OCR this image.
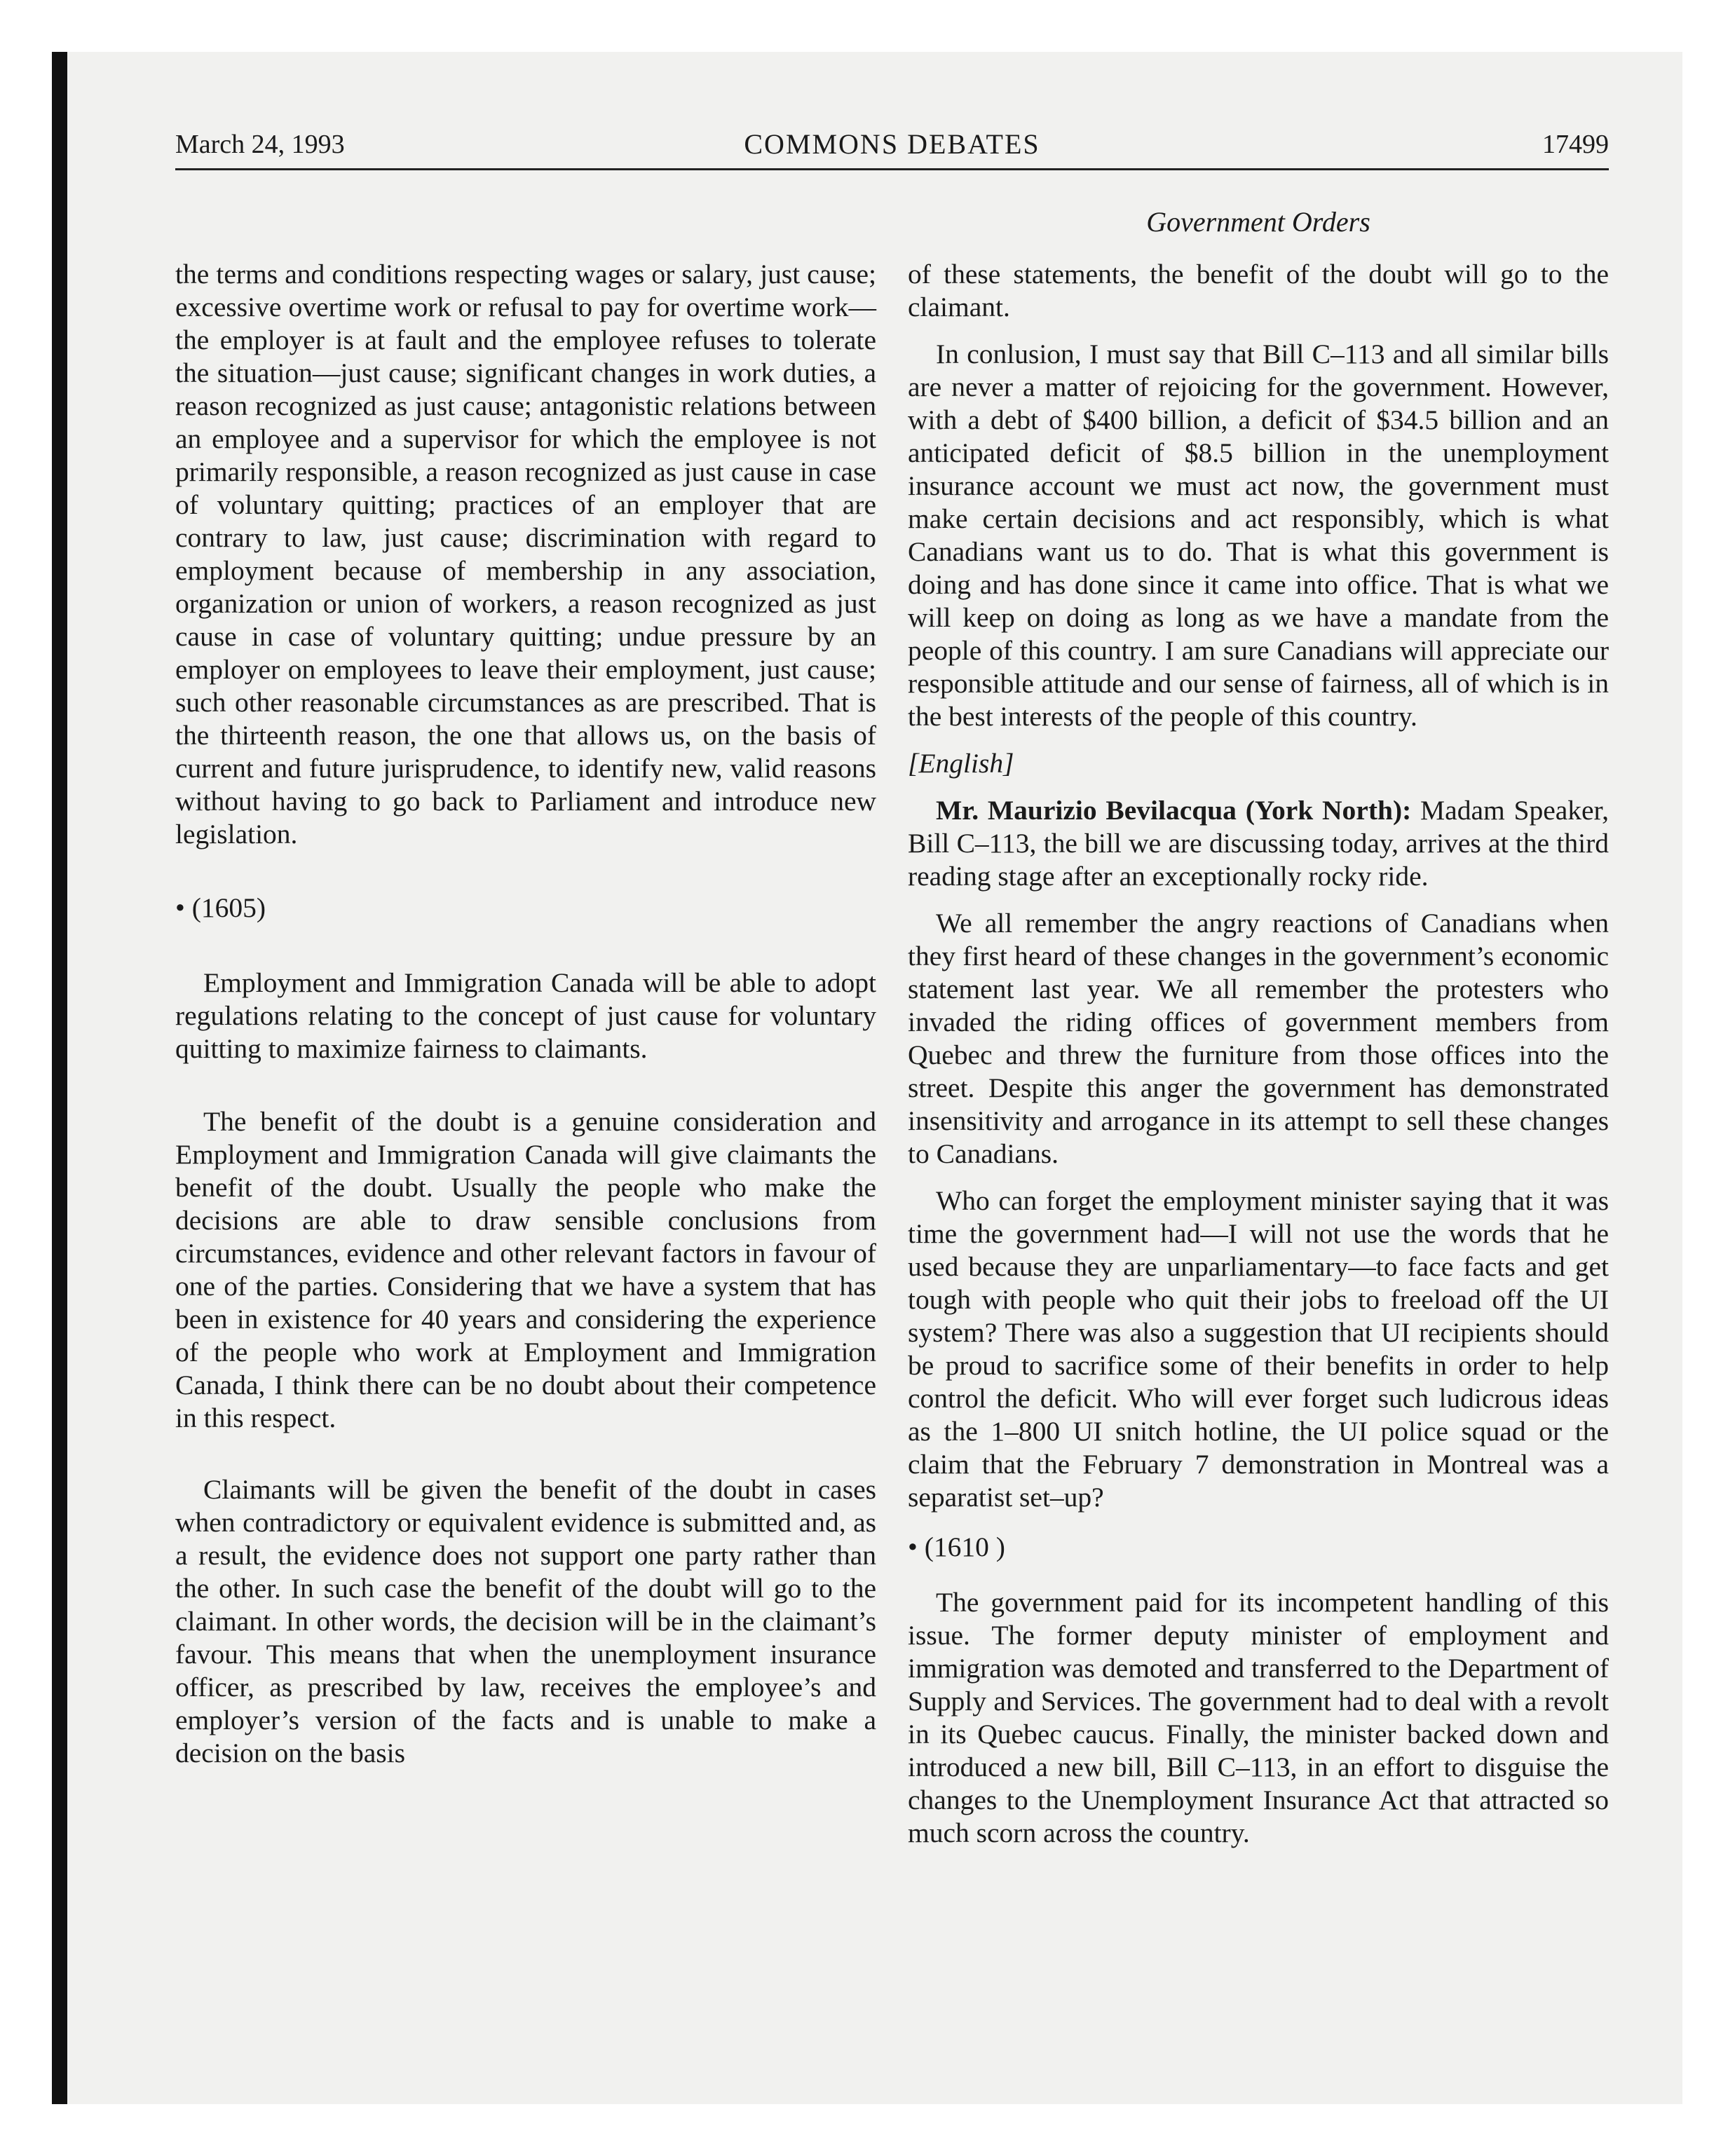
March 24, 1993	COMMONS DEBATES	17499
Government Orders

the terms and conditions respecting wages or salary, just cause; excessive overtime work or refusal to pay for overtime work—the employer is at fault and the employee refuses to tolerate the situation—just cause; significant changes in work duties, a reason recognized as just cause; antagonistic relations between an employee and a supervisor for which the employee is not primarily responsible, a reason recognized as just cause in case of voluntary quitting; practices of an employer that are contrary to law, just cause; discrimination with regard to employment because of membership in any association, organization or union of workers, a reason recognized as just cause in case of voluntary quitting; undue pressure by an employer on employees to leave their employment, just cause; such other reasonable circumstances as are prescribed. That is the thirteenth reason, the one that allows us, on the basis of current and future jurisprudence, to identify new, valid reasons without having to go back to Parliament and introduce new legislation.

• (1605)

Employment and Immigration Canada will be able to adopt regulations relating to the concept of just cause for voluntary quitting to maximize fairness to claimants.

The benefit of the doubt is a genuine consideration and Employment and Immigration Canada will give claimants the benefit of the doubt. Usually the people who make the decisions are able to draw sensible conclusions from circumstances, evidence and other relevant factors in favour of one of the parties. Considering that we have a system that has been in existence for 40 years and considering the experience of the people who work at Employment and Immigration Canada, I think there can be no doubt about their competence in this respect.

Claimants will be given the benefit of the doubt in cases when contradictory or equivalent evidence is submitted and, as a result, the evidence does not support one party rather than the other. In such case the benefit of the doubt will go to the claimant. In other words, the decision will be in the claimant’s favour. This means that when the unemployment insurance officer, as prescribed by law, receives the employee’s and employer’s version of the facts and is unable to make a decision on the basis

of these statements, the benefit of the doubt will go to the claimant.

In conlusion, I must say that Bill C–113 and all similar bills are never a matter of rejoicing for the government. However, with a debt of $400 billion, a deficit of $34.5 billion and an anticipated deficit of $8.5 billion in the unemployment insurance account we must act now, the government must make certain decisions and act responsibly, which is what Canadians want us to do. That is what this government is doing and has done since it came into office. That is what we will keep on doing as long as we have a mandate from the people of this country. I am sure Canadians will appreciate our responsible attitude and our sense of fairness, all of which is in the best interests of the people of this country.

[English]

Mr. Maurizio Bevilacqua (York North): Madam Speaker, Bill C–113, the bill we are discussing today, arrives at the third reading stage after an exceptionally rocky ride.

We all remember the angry reactions of Canadians when they first heard of these changes in the government’s economic statement last year. We all remember the protesters who invaded the riding offices of government members from Quebec and threw the furniture from those offices into the street. Despite this anger the government has demonstrated insensitivity and arrogance in its attempt to sell these changes to Canadians.

Who can forget the employment minister saying that it was time the government had—I will not use the words that he used because they are unparliamentary—to face facts and get tough with people who quit their jobs to freeload off the UI system? There was also a suggestion that UI recipients should be proud to sacrifice some of their benefits in order to help control the deficit. Who will ever forget such ludicrous ideas as the 1–800 UI snitch hotline, the UI police squad or the claim that the February 7 demonstration in Montreal was a separatist set–up?

• (1610 )

The government paid for its incompetent handling of this issue. The former deputy minister of employment and immigration was demoted and transferred to the Department of Supply and Services. The government had to deal with a revolt in its Quebec caucus. Finally, the minister backed down and introduced a new bill, Bill C–113, in an effort to disguise the changes to the Unemployment Insurance Act that attracted so much scorn across the country.
